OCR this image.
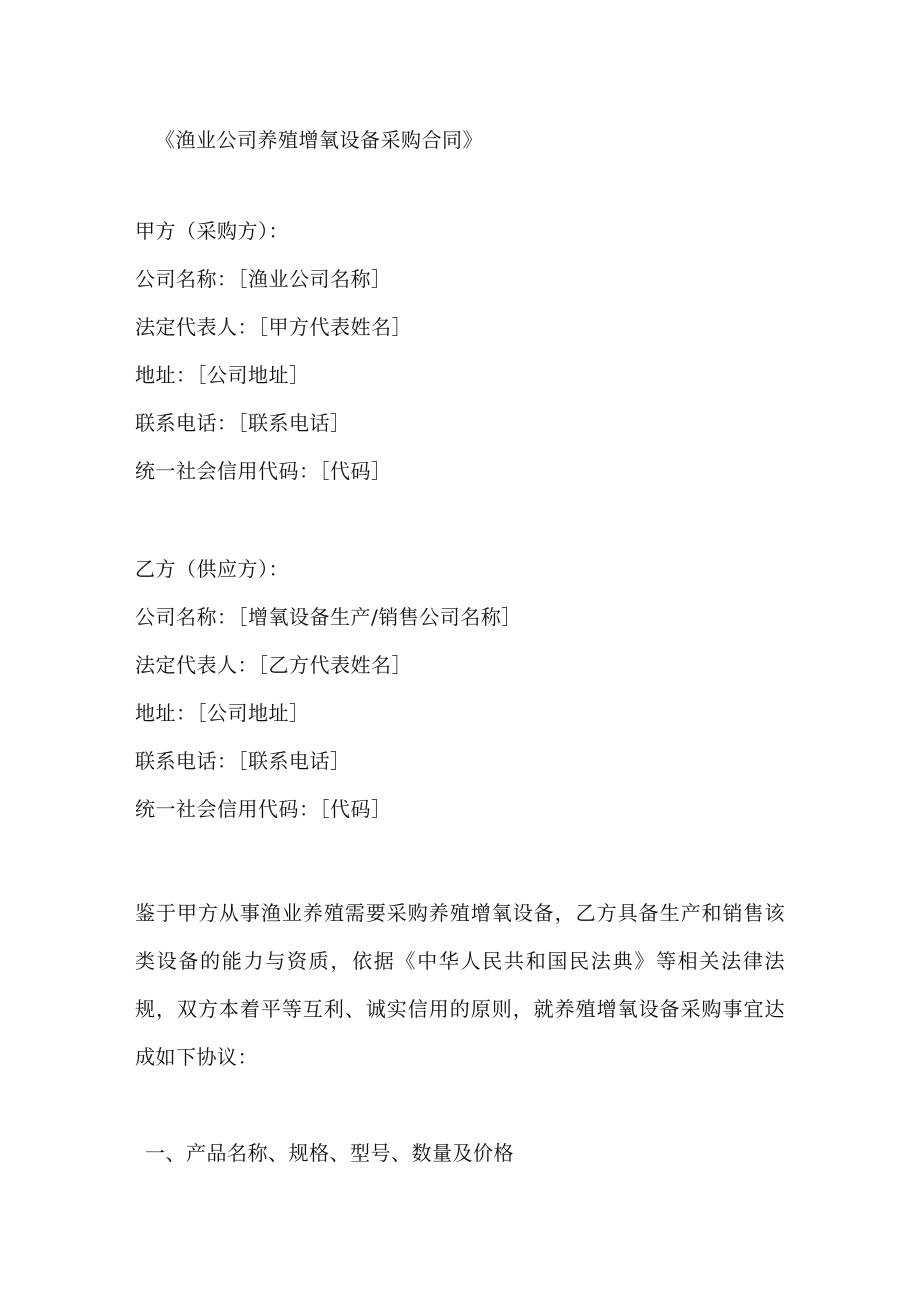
《渔业公司养殖增氧设备采购合同》
甲方（采购方）：
公司名称：［渔业公司名称］
法定代表人：［甲方代表姓名］
地址：［公司地址］
联系电话：［联系电话］
统一社会信用代码：［代码］
乙方（供应方）：
公司名称：［增氧设备生产/销售公司名称］
法定代表人：［乙方代表姓名］
地址：［公司地址］
联系电话：［联系电话］
统一社会信用代码：［代码］
鉴于甲方从事渔业养殖需要采购养殖增氧设备，乙方具备生产和销售该类设备的能力与资质，依据《中华人民共和国民法典》等相关法律法规，双方本着平等互利、诚实信用的原则，就养殖增氧设备采购事宜达成如下协议：
一、产品名称、规格、型号、数量及价格
